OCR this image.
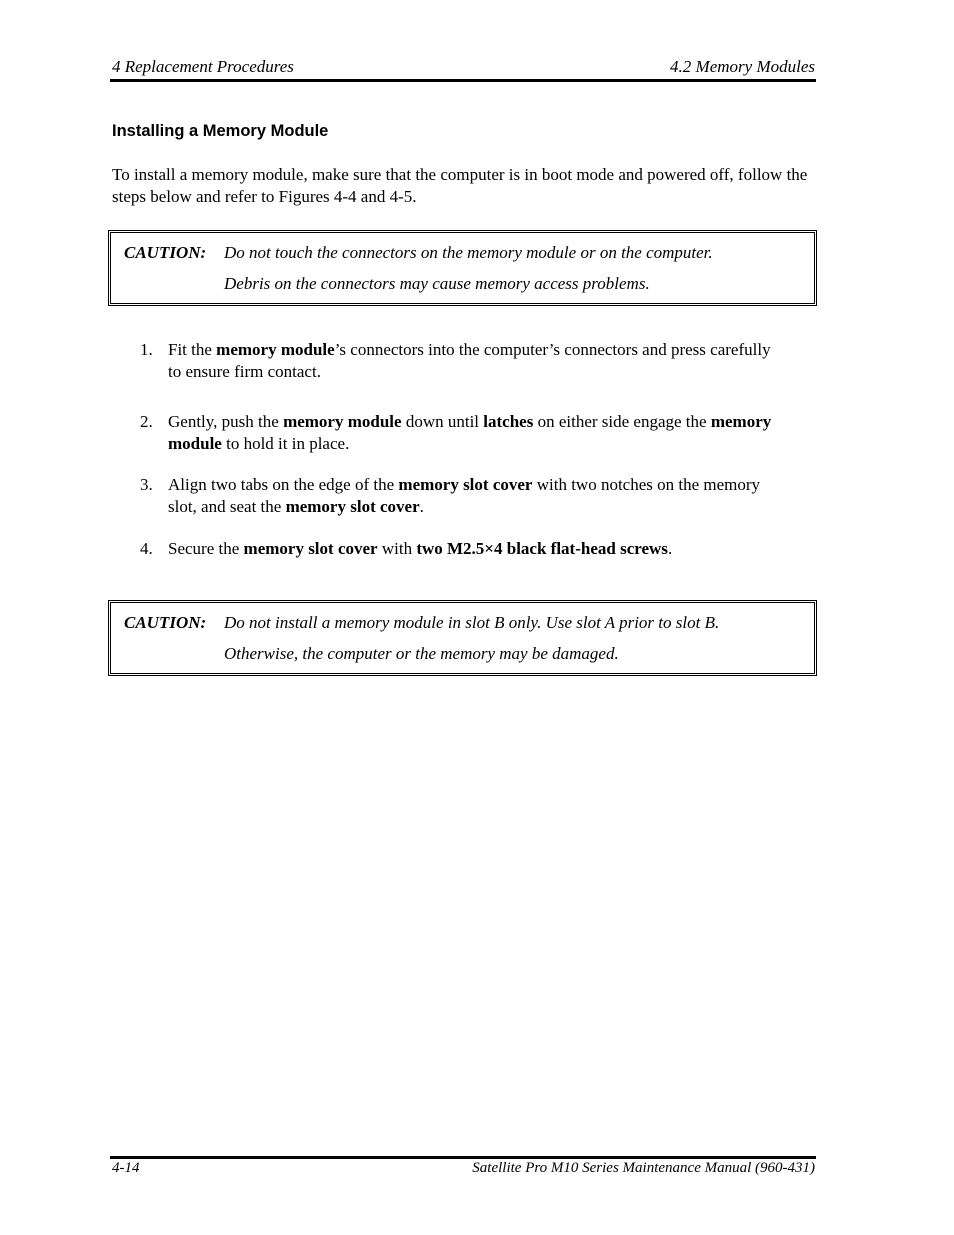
4 Replacement Procedures	4.2 Memory Modules
Installing a Memory Module
To install a memory module, make sure that the computer is in boot mode and powered off, follow the steps below and refer to Figures 4-4 and 4-5.
CAUTION: Do not touch the connectors on the memory module or on the computer.
Debris on the connectors may cause memory access problems.
1. Fit the memory module’s connectors into the computer’s connectors and press carefully to ensure firm contact.
2. Gently, push the memory module down until latches on either side engage the memory module to hold it in place.
3. Align two tabs on the edge of the memory slot cover with two notches on the memory slot, and seat the memory slot cover.
4. Secure the memory slot cover with two M2.5×4 black flat-head screws.
CAUTION: Do not install a memory module in slot B only. Use slot A prior to slot B.
Otherwise, the computer or the memory may be damaged.
4-14	Satellite Pro M10 Series Maintenance Manual (960-431)
